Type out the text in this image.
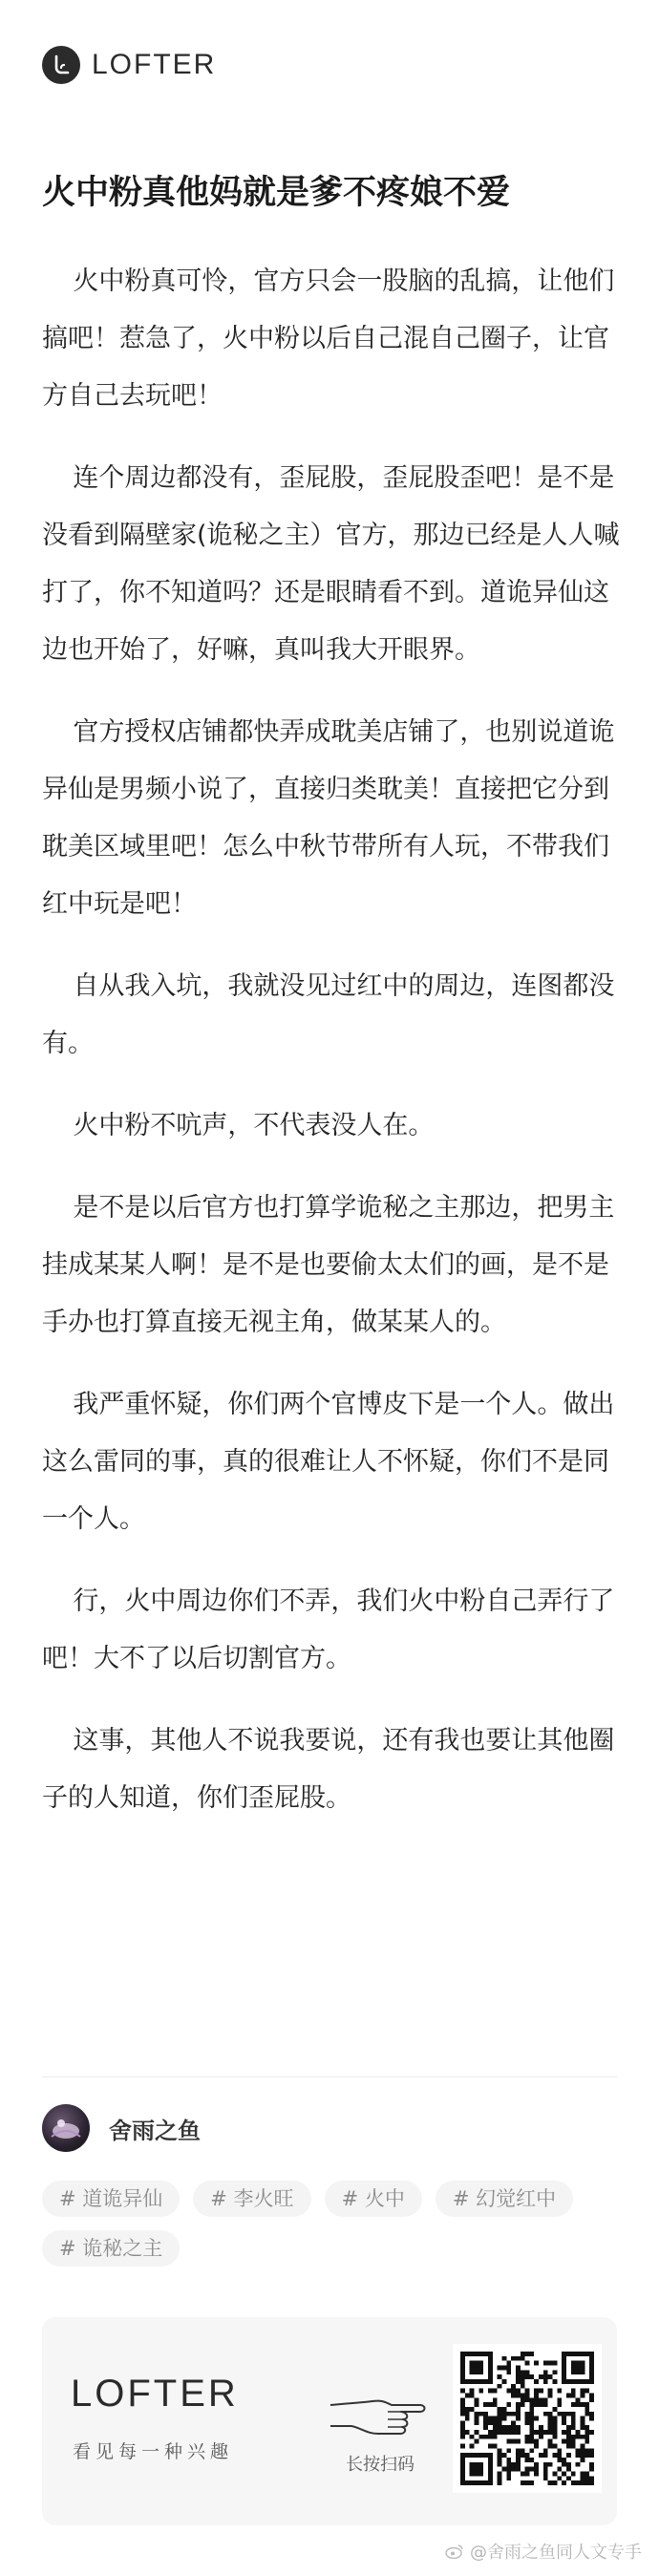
LOFTER
火中粉真他妈就是爹不疼娘不爱

火中粉真可怜，官方只会一股脑的乱搞，让他们搞吧！惹急了，火中粉以后自己混自己圈子，让官方自己去玩吧！

连个周边都没有，歪屁股，歪屁股歪吧！是不是没看到隔壁家(诡秘之主）官方，那边已经是人人喊打了，你不知道吗？还是眼睛看不到。道诡异仙这边也开始了，好嘛，真叫我大开眼界。

官方授权店铺都快弄成耽美店铺了，也别说道诡异仙是男频小说了，直接归类耽美！直接把它分到耽美区域里吧！怎么中秋节带所有人玩，不带我们红中玩是吧！

自从我入坑，我就没见过红中的周边，连图都没有。

火中粉不吭声，不代表没人在。

是不是以后官方也打算学诡秘之主那边，把男主挂成某某人啊！是不是也要偷太太们的画，是不是手办也打算直接无视主角，做某某人的。

我严重怀疑，你们两个官博皮下是一个人。做出这么雷同的事，真的很难让人不怀疑，你们不是同一个人。

行，火中周边你们不弄，我们火中粉自己弄行了吧！大不了以后切割官方。

这事，其他人不说我要说，还有我也要让其他圈子的人知道，你们歪屁股。

舍雨之鱼
# 道诡异仙	# 李火旺	# 火中	# 幻觉红中
# 诡秘之主
LOFTER
看见每一种兴趣
长按扫码
@舍雨之鱼同人文专手
